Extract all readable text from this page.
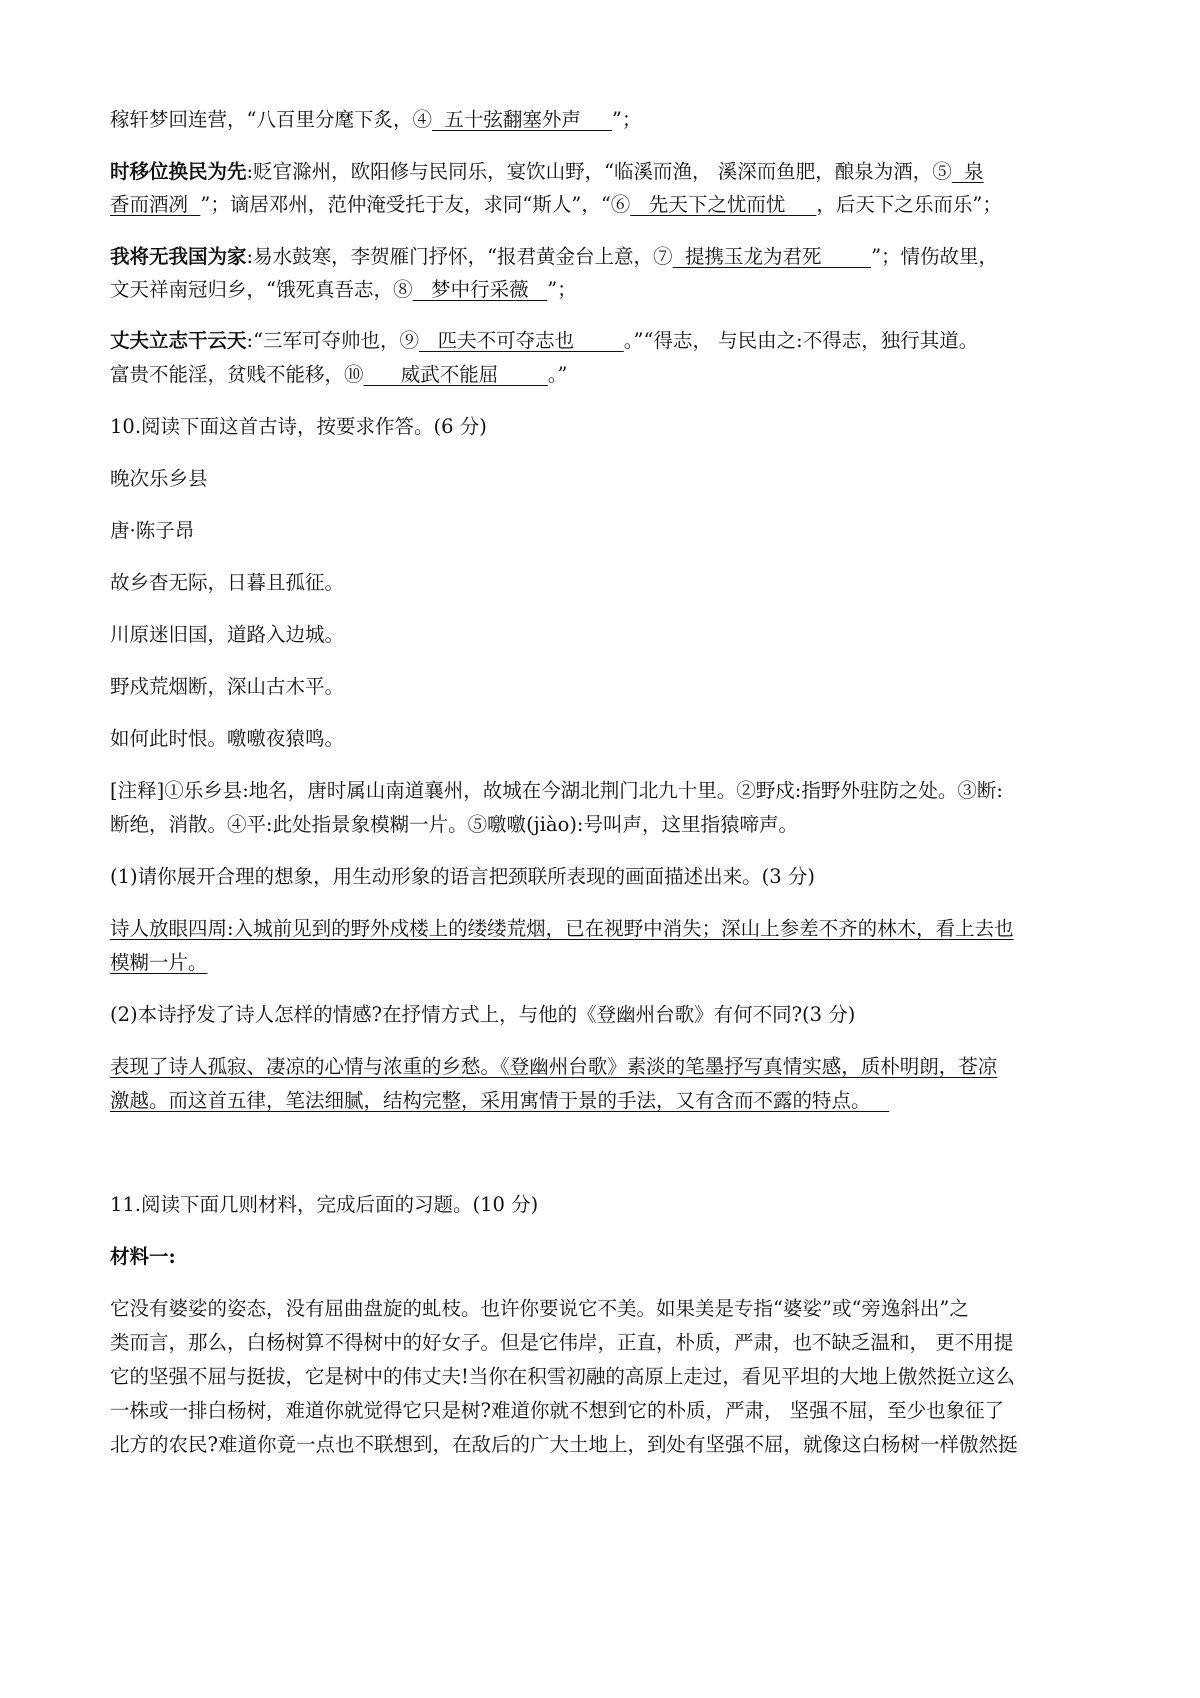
稼轩梦回连营，“八百里分麾下炙，④  五十弦翻塞外声     ”；
时移位换民为先:贬官滁州，欧阳修与民同乐，宴饮山野，“临溪而渔， 溪深而鱼肥，酿泉为酒，⑤  泉
香而酒冽  ”；谪居邓州，范仲淹受托于友，求同“斯人”，“⑥   先天下之忧而忧     ，后天下之乐而乐”；
我将无我国为家:易水鼓寒，李贺雁门抒怀，“报君黄金台上意，⑦  提携玉龙为君死        ”；情伤故里，
文天祥南冠归乡，“饿死真吾志，⑧   梦中行采薇   ”；
丈夫立志干云天:“三军可夺帅也，⑨   匹夫不可夺志也        。”“得志， 与民由之:不得志，独行其道。
富贵不能淫，贫贱不能移，⑩      威武不能屈        。”
10.阅读下面这首古诗，按要求作答。(6 分)
晚次乐乡县
唐·陈子昂
故乡杳无际，日暮且孤征。
川原迷旧国，道路入边城。
野戍荒烟断，深山古木平。
如何此时恨。噭噭夜猿鸣。
[注释]①乐乡县:地名，唐时属山南道襄州，故城在今湖北荆门北九十里。②野戍:指野外驻防之处。③断:
断绝，消散。④平:此处指景象模糊一片。⑤噭噭(jiào):号叫声，这里指猿啼声。
(1)请你展开合理的想象，用生动形象的语言把颈联所表现的画面描述出来。(3 分)
诗人放眼四周:入城前见到的野外戍楼上的缕缕荒烟，已在视野中消失；深山上参差不齐的林木，看上去也
模糊一片。
(2)本诗抒发了诗人怎样的情感?在抒情方式上，与他的《登幽州台歌》有何不同?(3 分)
表现了诗人孤寂、凄凉的心情与浓重的乡愁。《登幽州台歌》素淡的笔墨抒写真情实感，质朴明朗，苍凉
激越。而这首五律，笔法细腻，结构完整，采用寓情于景的手法，又有含而不露的特点。
11.阅读下面几则材料，完成后面的习题。(10 分)
材料一:
它没有婆娑的姿态，没有屈曲盘旋的虬枝。也许你要说它不美。如果美是专指“婆娑”或“旁逸斜出”之
类而言，那么，白杨树算不得树中的好女子。但是它伟岸，正直，朴质，严肃，也不缺乏温和， 更不用提
它的坚强不屈与挺拔，它是树中的伟丈夫!当你在积雪初融的高原上走过，看见平坦的大地上傲然挺立这么
一株或一排白杨树，难道你就觉得它只是树?难道你就不想到它的朴质，严肃， 坚强不屈，至少也象征了
北方的农民?难道你竟一点也不联想到，在敌后的广大土地上，到处有坚强不屈，就像这白杨树一样傲然挺
